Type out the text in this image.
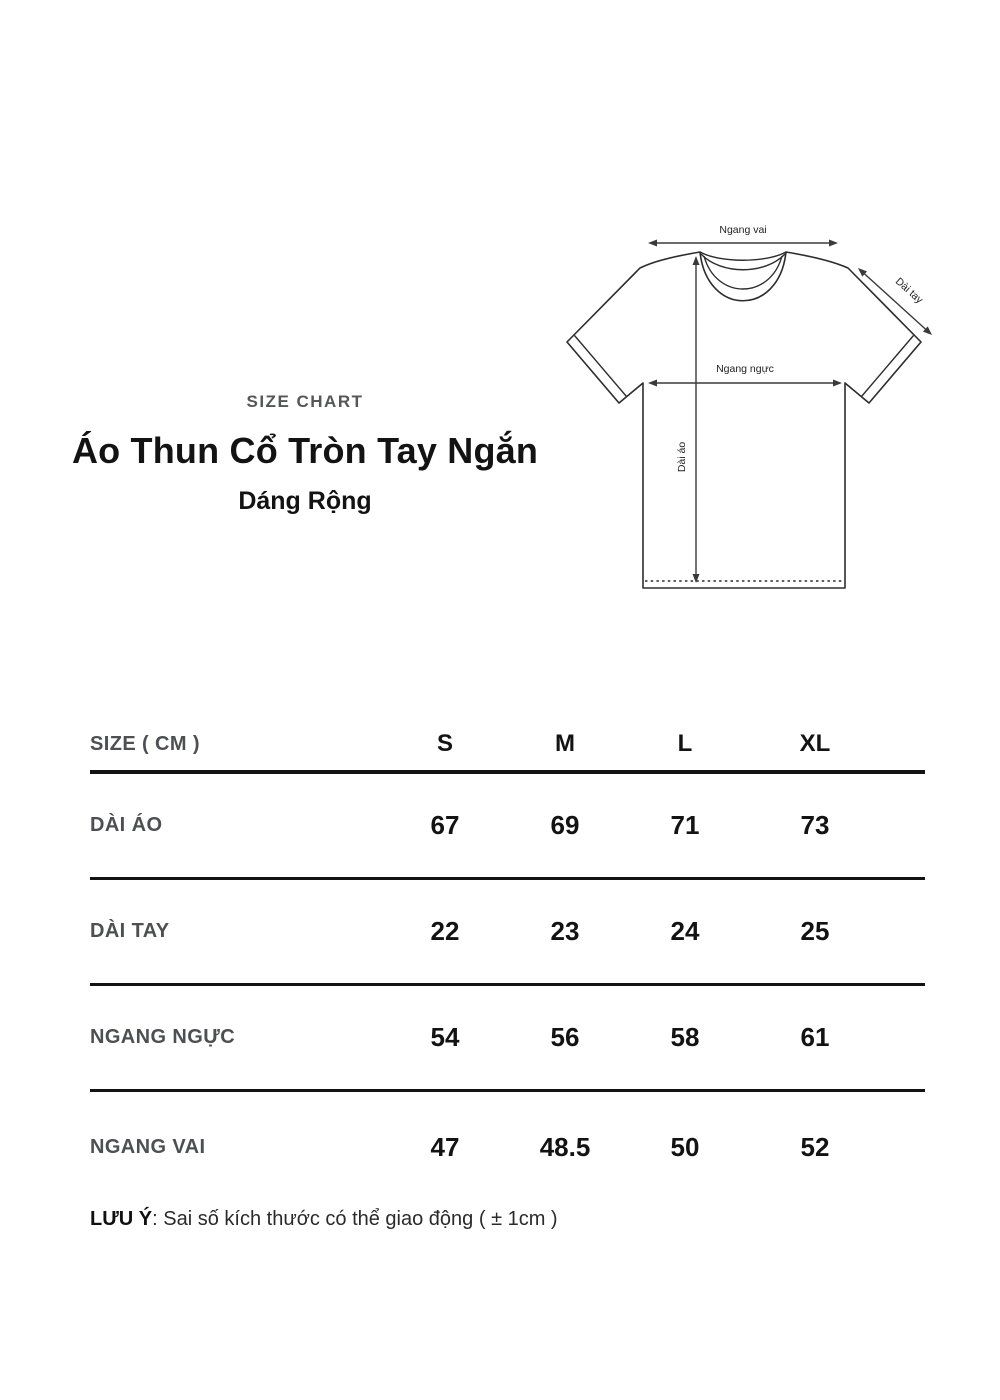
SIZE CHART
Áo Thun Cổ Tròn Tay Ngắn
Dáng Rộng
Ngang vai
Ngang ngực
Dài áo
Dài tay
SIZE ( CM )	S	M	L	XL
DÀI ÁO	67	69	71	73
DÀI TAY	22	23	24	25
NGANG NGỰC	54	56	58	61
NGANG VAI	47	48.5	50	52
LƯU Ý: Sai số kích thước có thể giao động ( ± 1cm )
